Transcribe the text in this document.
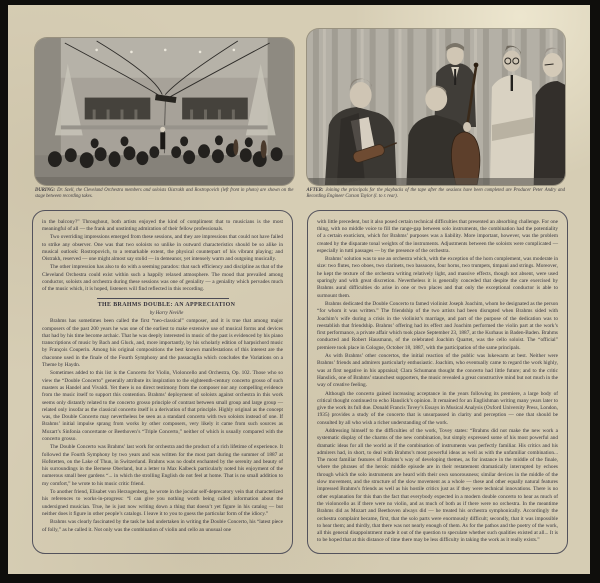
DURING: Dr. Szell, the Cleveland Orchestra members and soloists Oistrakh and Rostropovich (left front in photo) are shown on the stage between recording takes.
AFTER: Joining the principals for the playbacks of the tape after the sessions have been completed are Producer Peter Andry and Recording Engineer Carson Taylor (l. to r. rear).

in the balcony?” Throughout, both artists enjoyed the kind of compliment that to musicians is the most meaningful of all — the frank and unstinting admiration of their fellow professionals.

Two overriding impressions emerged from these sessions, and they are impressions that could not have failed to strike any observer. One was that two soloists so unlike in outward characteristics should be so alike in musical outlook: Rostropovich, to a remarkable extent, the physical counterpart of his vibrant playing; and Oistrakh, reserved — one might almost say stolid — in demeanor, yet intensely warm and outgoing musically.

The other impression has also to do with a seeming paradox: that such efficiency and discipline as that of the Cleveland Orchestra could exist within such a happily relaxed atmosphere. The mood that prevailed among conductor, soloists and orchestra during these sessions was one of geniality — a geniality which pervades much of the music which, it is hoped, listeners will find reflected in this recording.

THE BRAHMS DOUBLE: AN APPRECIATION

by Harry Neville

Brahms has sometimes been called the first “neo-classical” composer, and it is true that among major composers of the past 200 years he was one of the earliest to make extensive use of musical forms and devices that had by his time become archaic. That he was deeply interested in music of the past is evidenced by his piano transcriptions of music by Bach and Gluck, and, more importantly, by his scholarly edition of harpsichord music by François Couperin. Among his original compositions the best known manifestations of this interest are the chaconne used in the finale of the Fourth Symphony and the passacaglia which concludes the Variations on a Theme by Haydn.

Sometimes added to this list is the Concerto for Violin, Violoncello and Orchestra, Op. 102. Those who so view the “Double Concerto” generally attribute its inspiration to the eighteenth-century concerto grosso of such masters as Handel and Vivaldi. Yet there is no direct testimony from the composer nor any compelling evidence from the music itself to support this contention. Brahms’ deployment of soloists against orchestra in this work seems only distantly related to the concerto grosso principle of contrast between small group and large group — related only insofar as the classical concerto itself is a derivation of that principle. Highly original as the concept was, the Double Concerto may nevertheless be seen as a standard concerto with two soloists instead of one. If Brahms’ initial impulse sprang from works by other composers, very likely it came from such sources as Mozart’s Sinfonia concertante or Beethoven’s “Triple Concerto,” neither of which is usually compared with the concerto grosso.

The Double Concerto was Brahms’ last work for orchestra and the product of a rich lifetime of experience. It followed the Fourth Symphony by two years and was written for the most part during the summer of 1887 at Hofstetten, on the Lake of Thun, in Switzerland. Brahms was no doubt enchanted by the serenity and beauty of his surroundings in the Bernese Oberland, but a letter to Max Kalbeck particularly noted his enjoyment of the numerous small beer gardens “... in which the strolling English do not feel at home. That is no small addition to my comfort,” he wrote to his music critic friend.

To another friend, Elisabet von Herzogenberg, he wrote in the jocular self-deprecatory vein that characterized his references to works-in-progress: “I can give you nothing worth being called information about the undersigned musician. True, he is just now writing down a thing that doesn’t yet figure in his catalog — but neither does it figure in other people’s catalogs. I leave it to you to guess the particular form of the idiocy.”

Brahms was clearly fascinated by the task he had undertaken in writing the Double Concerto, his “latest piece of folly,” as he called it. Not only was the combination of violin and cello an unusual one

with little precedent, but it also posed certain technical difficulties that presented an absorbing challenge. For one thing, with no middle voice to fill the range-gap between solo instruments, the combination had the potentiality of a certain exoticism, which for Brahms’ purposes was a liability. More important, however, was the problem created by the disparate tonal weights of the instruments. Adjustments between the soloists were complicated — especially in tutti passages — by the presence of the orchestra.

Brahms’ solution was to use an orchestra which, with the exception of the horn complement, was moderate in size: two flutes, two oboes, two clarinets, two bassoons, four horns, two trumpets, timpani and strings. Moreover, he kept the texture of the orchestra writing relatively light, and massive effects, though not absent, were used sparingly and with great discretion. Nevertheless it is generally conceded that despite the care exercised by Brahms aural difficulties do arise in one or two places and that only the exceptional conductor is able to surmount them.

Brahms dedicated the Double Concerto to famed violinist Joseph Joachim, whom he designated as the person “for whom it was written.” The friendship of the two artists had been disrupted when Brahms sided with Joachim’s wife during a crisis in the violinist’s marriage, and part of the purpose of the dedication was to reestablish that friendship. Brahms’ offering had its effect and Joachim performed the violin part at the work’s first performance, a private affair which took place September 23, 1887, at the Kurhaus in Baden-Baden. Brahms conducted and Robert Hausmann, of the celebrated Joachim Quartet, was the cello soloist. The “official” premiere took place in Cologne, October 18, 1887, with the participation of the same principals.

As with Brahms’ other concertos, the initial reaction of the public was lukewarm at best. Neither were Brahms’ friends and admirers particularly enthusiastic. Joachim, who eventually came to regard the work highly, was at first negative in his appraisal; Clara Schumann thought the concerto had little future; and to the critic Hanslick, one of Brahms’ staunchest supporters, the music revealed a great constructive mind but not much in the way of creative feeling.

Although the concerto gained increasing acceptance in the years following its premiere, a large body of critical thought continued to echo Hanslick’s opinion. It remained for an Englishman writing many years later to give the work its full due. Donald Francis Tovey’s Essays in Musical Analysis (Oxford University Press, London, 1935) provides a study of the concerto that is unsurpassed in clarity and perception — one that should be consulted by all who wish a richer understanding of the work.

Addressing himself to the difficulties of the work, Tovey states: “Brahms did not make the new work a systematic display of the charms of the new combination, but simply expressed some of his most powerful and dramatic ideas for all the world as if the combination of instruments was perfectly familiar. His critics and his admirers had, in short, to deal with Brahms’s most powerful ideas as well as with the unfamiliar combination... The most familiar features of Brahms’s way of developing themes, as for instance in the middle of the finale, where the phrases of the heroic middle episode are in their restatement dramatically interrupted by echoes through which the solo instruments are heard with their own sonorousness; similar devices in the middle of the slow movement, and the structure of the slow movement as a whole — these and other equally natural features impressed Brahms’s friends as well as his hostile critics just as if they were technical innovations. There is no other explanation for this than the fact that everybody expected in a modern double concerto to hear as much of the violoncello as if there were no violin, and as much of both as if there were no orchestra. In the meantime Brahms did as Mozart and Beethoven always did — he treated his orchestra symphonically. Accordingly the orchestra complaint became, first, that the solo parts were enormously difficult; secondly, that it was impossible to hear them; and thirdly, that there was not nearly enough of them. As for the pathos and the poetry of the work, all this general disappointment made it out of the question to speculate whether such qualities existed at all... It is to be hoped that at this distance of time there may be less difficulty in taking the work as it really exists.”
